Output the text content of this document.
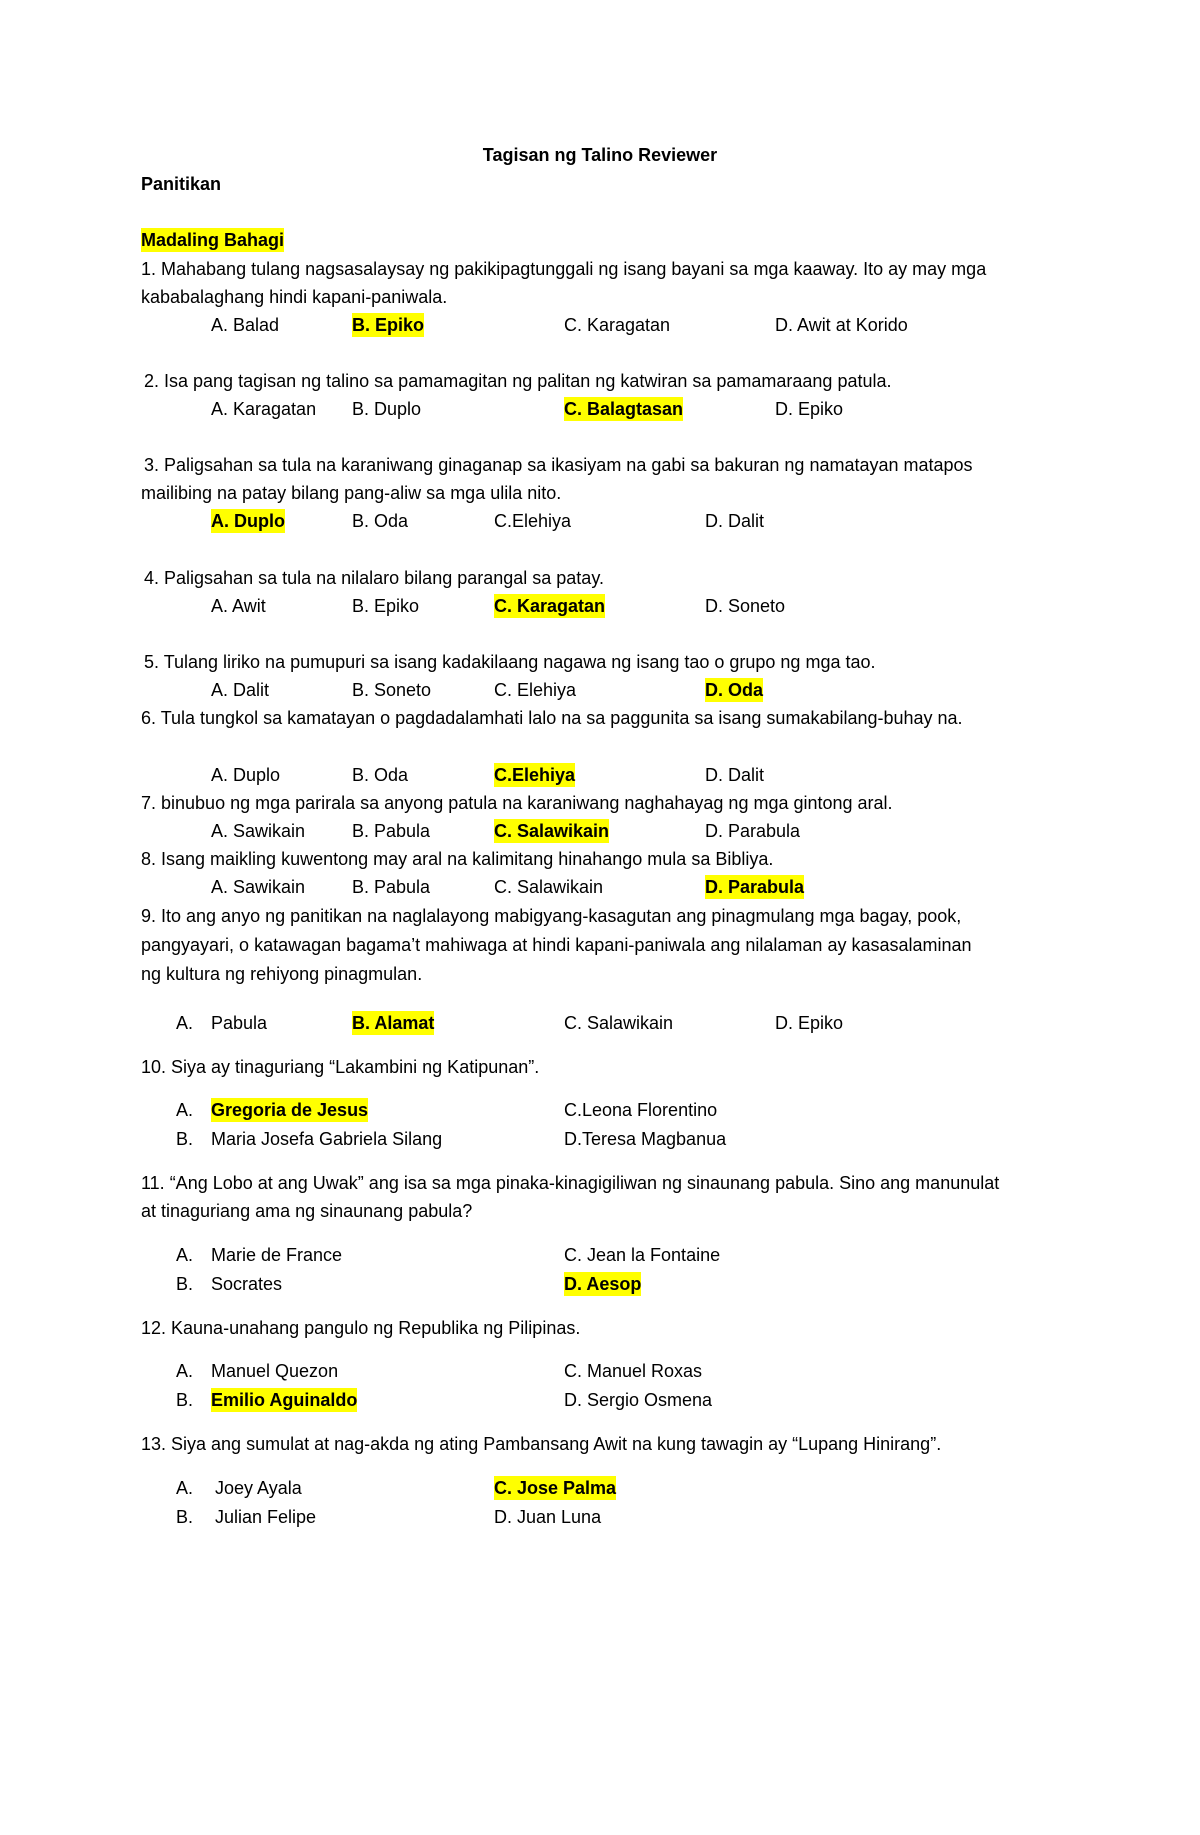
Tagisan ng Talino Reviewer
Panitikan
Madaling Bahagi
1. Mahabang tulang nagsasalaysay ng pakikipagtunggali ng isang bayani sa mga kaaway. Ito ay may mga
kababalaghang hindi kapani-paniwala.
A. Balad	B. Epiko	C. Karagatan	D. Awit at Korido
2. Isa pang tagisan ng talino sa pamamagitan ng palitan ng katwiran sa pamamaraang patula.
A. Karagatan B. Duplo	C. Balagtasan	D. Epiko
3. Paligsahan sa tula na karaniwang ginaganap sa ikasiyam na gabi sa bakuran ng namatayan matapos
mailibing na patay bilang pang-aliw sa mga ulila nito.
A. Duplo	B. Oda	C.Elehiya	D. Dalit
4. Paligsahan sa tula na nilalaro bilang parangal sa patay.
A. Awit	B. Epiko	C. Karagatan	D. Soneto
5. Tulang liriko na pumupuri sa isang kadakilaang nagawa ng isang tao o grupo ng mga tao.
A. Dalit	B. Soneto	C. Elehiya	D. Oda
6. Tula tungkol sa kamatayan o pagdadalamhati lalo na sa paggunita sa isang sumakabilang-buhay na.
A. Duplo	B. Oda	C.Elehiya	D. Dalit
7. binubuo ng mga parirala sa anyong patula na karaniwang naghahayag ng mga gintong aral.
A. Sawikain	B. Pabula	C. Salawikain	D. Parabula
8. Isang maikling kuwentong may aral na kalimitang hinahango mula sa Bibliya.
A. Sawikain	B. Pabula	C. Salawikain	D. Parabula
9. Ito ang anyo ng panitikan na naglalayong mabigyang-kasagutan ang pinagmulang mga bagay, pook,
pangyayari, o katawagan bagama’t mahiwaga at hindi kapani-paniwala ang nilalaman ay kasasalaminan
ng kultura ng rehiyong pinagmulan.
A. Pabula	B. Alamat	C. Salawikain	D. Epiko
10. Siya ay tinaguriang “Lakambini ng Katipunan”.
A. Gregoria de Jesus	C.Leona Florentino
B. Maria Josefa Gabriela Silang	D.Teresa Magbanua
11. “Ang Lobo at ang Uwak” ang isa sa mga pinaka-kinagigiliwan ng sinaunang pabula. Sino ang manunulat
at tinaguriang ama ng sinaunang pabula?
A. Marie de France	C. Jean la Fontaine
B. Socrates	D. Aesop
12. Kauna-unahang pangulo ng Republika ng Pilipinas.
A. Manuel Quezon	C. Manuel Roxas
B. Emilio Aguinaldo	D. Sergio Osmena
13. Siya ang sumulat at nag-akda ng ating Pambansang Awit na kung tawagin ay “Lupang Hinirang”.
A. Joey Ayala	C. Jose Palma
B. Julian Felipe	D. Juan Luna
